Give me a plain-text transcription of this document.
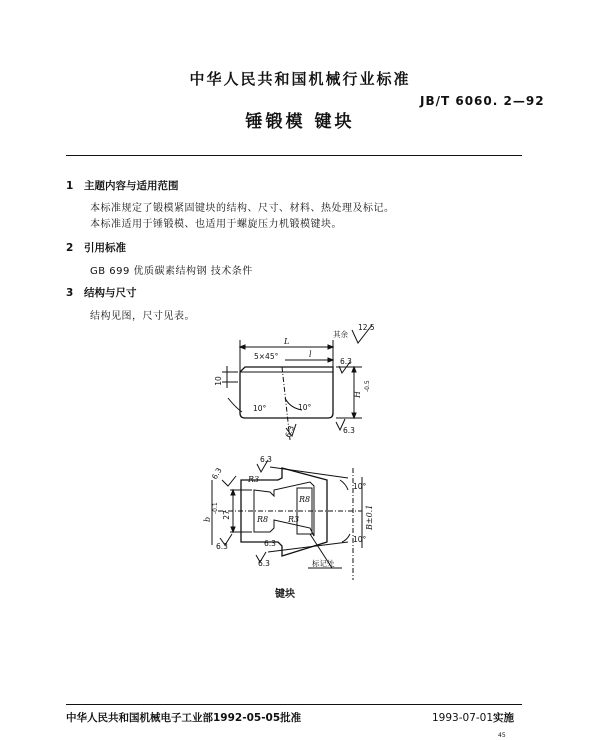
中华人民共和国机械行业标准
JB/T 6060. 2—92
锤锻模 键块
1 主题内容与适用范围
本标准规定了锻模紧固键块的结构、尺寸、材料、热处理及标记。
本标准适用于锤锻模、也适用于螺旋压力机锻模键块。
2 引用标准
GB 699 优质碳素结构钢 技术条件
3 结构与尺寸
结构见图，尺寸见表。
其余
12.5
L
l
5×45°
10
H
-0.5
6.3
6.3
6.3
10°	10°
27
b
-0.1	B±0.1
R3
R8
R8 R3
10°
10°
6.3
6.3
6.3	6.3
6.3	标记处
键块
中华人民共和国机械电子工业部1992-05-05批准	1993-07-01实施
45
